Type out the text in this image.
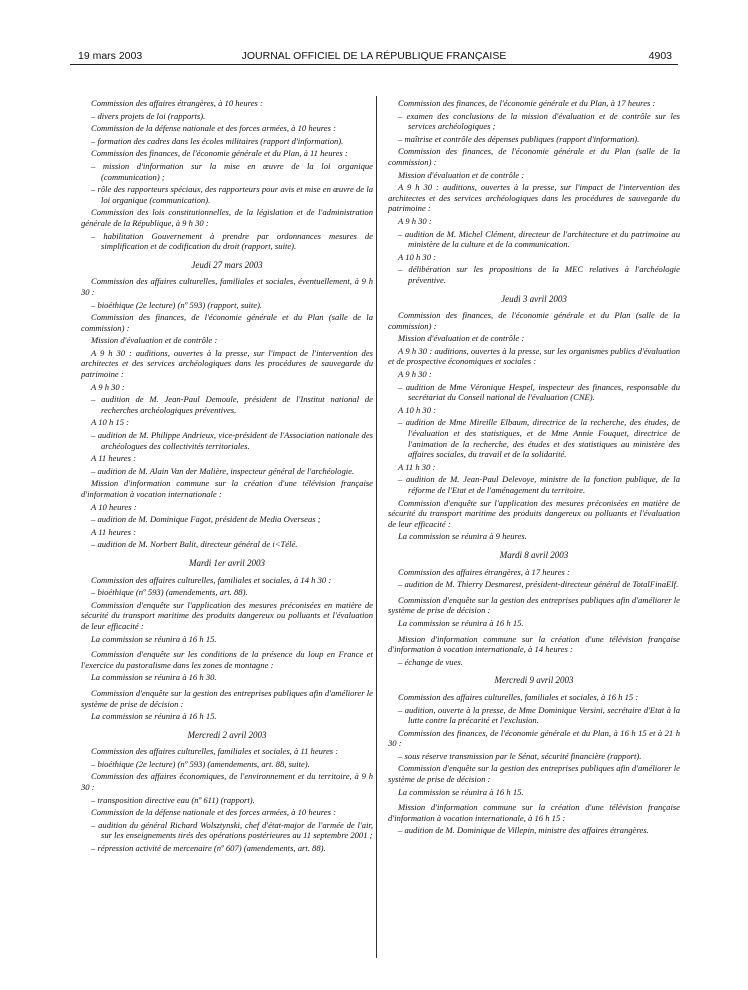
19 mars 2003	JOURNAL OFFICIEL DE LA RÉPUBLIQUE FRANÇAISE	4903

Commission des affaires étrangères, à 10 heures :

– divers projets de loi (rapports).

Commission de la défense nationale et des forces armées, à 10 heures :

– formation des cadres dans les écoles militaires (rapport d'information).

Commission des finances, de l'économie générale et du Plan, à 11 heures :

– mission d'information sur la mise en œuvre de la loi organique (communication) ;

– rôle des rapporteurs spéciaux, des rapporteurs pour avis et mise en œuvre de la loi organique (communication).

Commission des lois constitutionnelles, de la législation et de l'administration générale de la République, à 9 h 30 :

– habilitation Gouvernement à prendre par ordonnances mesures de simplification et de codification du droit (rapport, suite).

Jeudi 27 mars 2003

Commission des affaires culturelles, familiales et sociales, éventuellement, à 9 h 30 :

– bioéthique (2e lecture) (nº 593) (rapport, suite).

Commission des finances, de l'économie générale et du Plan (salle de la commission) :

Mission d'évaluation et de contrôle :

A 9 h 30 : auditions, ouvertes à la presse, sur l'impact de l'intervention des architectes et des services archéologiques dans les procédures de sauvegarde du patrimoine :

A 9 h 30 :

– audition de M. Jean-Paul Demoule, président de l'Institut national de recherches archéologiques préventives.

A 10 h 15 :

– audition de M. Philippe Andrieux, vice-président de l'Association nationale des archéologues des collectivités territoriales.

A 11 heures :

– audition de M. Alain Van der Malière, inspecteur général de l'archéologie.

Mission d'information commune sur la création d'une télévision française d'information à vocation internationale :

A 10 heures :

– audition de M. Dominique Fagot, président de Media Overseas ;

A 11 heures :

– audition de M. Norbert Balit, directeur général de i<Télé.

Mardi 1er avril 2003

Commission des affaires culturelles, familiales et sociales, à 14 h 30 :

– bioéthique (nº 593) (amendements, art. 88).

Commission d'enquête sur l'application des mesures préconisées en matière de sécurité du transport maritime des produits dangereux ou polluants et l'évaluation de leur efficacité :

La commission se réunira à 16 h 15.

Commission d'enquête sur les conditions de la présence du loup en France et l'exercice du pastoralisme dans les zones de montagne :

La commission se réunira à 16 h 30.

Commission d'enquête sur la gestion des entreprises publiques afin d'améliorer le système de prise de décision :

La commission se réunira à 16 h 15.

Mercredi 2 avril 2003

Commission des affaires culturelles, familiales et sociales, à 11 heures :

– bioéthique (2e lecture) (nº 593) (amendements, art. 88, suite).

Commission des affaires économiques, de l'environnement et du territoire, à 9 h 30 :

– transposition directive eau (nº 611) (rapport).

Commission de la défense nationale et des forces armées, à 10 heures :

– audition du général Richard Wolsztynski, chef d'état-major de l'armée de l'air, sur les enseignements tirés des opérations postérieures au 11 septembre 2001 ;

– répression activité de mercenaire (nº 607) (amendements, art. 88).

Commission des finances, de l'économie générale et du Plan, à 17 heures :

– examen des conclusions de la mission d'évaluation et de contrôle sur les services archéologiques ;

– maîtrise et contrôle des dépenses publiques (rapport d'information).

Commission des finances, de l'économie générale et du Plan (salle de la commission) :

Mission d'évaluation et de contrôle :

A 9 h 30 : auditions, ouvertes à la presse, sur l'impact de l'intervention des architectes et des services archéologiques dans les procédures de sauvegarde du patrimoine :

A 9 h 30 :

– audition de M. Michel Clément, directeur de l'architecture et du patrimoine au ministère de la culture et de la communication.

A 10 h 30 :

– délibération sur les propositions de la MEC relatives à l'archéologie préventive.

Jeudi 3 avril 2003

Commission des finances, de l'économie générale et du Plan (salle de la commission) :

Mission d'évaluation et de contrôle :

A 9 h 30 : auditions, ouvertes à la presse, sur les organismes publics d'évaluation et de prospective économiques et sociales :

A 9 h 30 :

– audition de Mme Véronique Hespel, inspecteur des finances, responsable du secrétariat du Conseil national de l'évaluation (CNE).

A 10 h 30 :

– audition de Mme Mireille Elbaum, directrice de la recherche, des études, de l'évaluation et des statistiques, et de Mme Annie Fouquet, directrice de l'animation de la recherche, des études et des statistiques au ministère des affaires sociales, du travail et de la solidarité.

A 11 h 30 :

– audition de M. Jean-Paul Delevoye, ministre de la fonction publique, de la réforme de l'Etat et de l'aménagement du territoire.

Commission d'enquête sur l'application des mesures préconisées en matière de sécurité du transport maritime des produits dangereux ou polluants et l'évaluation de leur efficacité :

La commission se réunira à 9 heures.

Mardi 8 avril 2003

Commission des affaires étrangères, à 17 heures :

– audition de M. Thierry Desmarest, président-directeur général de TotalFinaElf.

Commission d'enquête sur la gestion des entreprises publiques afin d'améliorer le système de prise de décision :

La commission se réunira à 16 h 15.

Mission d'information commune sur la création d'une télévision française d'information à vocation internationale, à 14 heures :

– échange de vues.

Mercredi 9 avril 2003

Commission des affaires culturelles, familiales et sociales, à 16 h 15 :

– audition, ouverte à la presse, de Mme Dominique Versini, secrétaire d'Etat à la lutte contre la précarité et l'exclusion.

Commission des finances, de l'économie générale et du Plan, à 16 h 15 et à 21 h 30 :

– sous réserve transmission par le Sénat, sécurité financière (rapport).

Commission d'enquête sur la gestion des entreprises publiques afin d'améliorer le système de prise de décision :

La commission se réunira à 16 h 15.

Mission d'information commune sur la création d'une télévision française d'information à vocation internationale, à 16 h 15 :

– audition de M. Dominique de Villepin, ministre des affaires étrangères.
